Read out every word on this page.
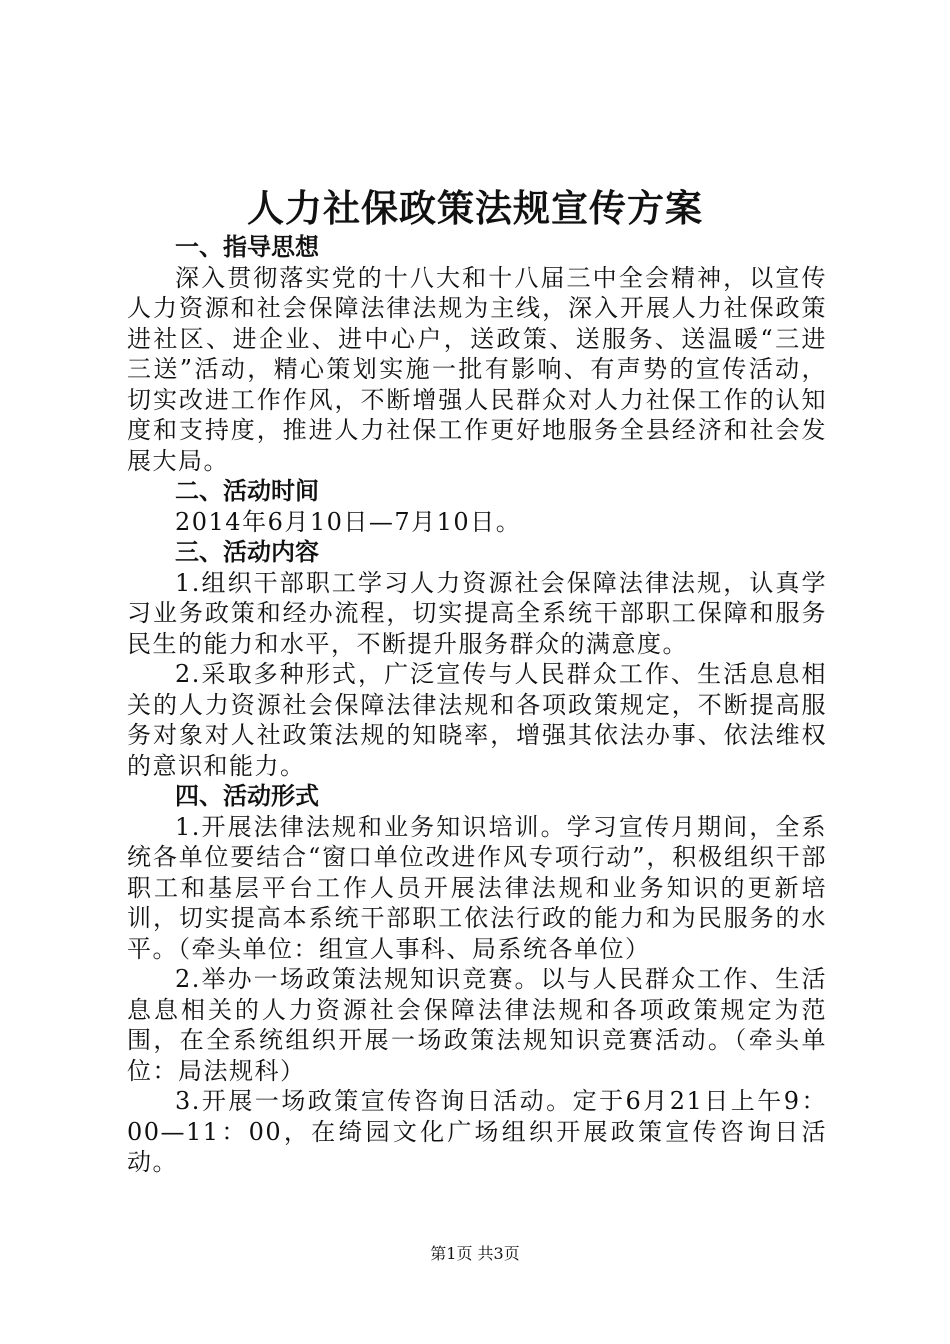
人力社保政策法规宣传方案

一、指导思想

深入贯彻落实党的十八大和十八届三中全会精神，以宣传人力资源和社会保障法律法规为主线，深入开展人力社保政策进社区、进企业、进中心户，送政策、送服务、送温暖“三进三送”活动，精心策划实施一批有影响、有声势的宣传活动，切实改进工作作风，不断增强人民群众对人力社保工作的认知度和支持度，推进人力社保工作更好地服务全县经济和社会发展大局。

二、活动时间

2014年6月10日—7月10日。

三、活动内容

1.组织干部职工学习人力资源社会保障法律法规，认真学习业务政策和经办流程，切实提高全系统干部职工保障和服务民生的能力和水平，不断提升服务群众的满意度。

2.采取多种形式，广泛宣传与人民群众工作、生活息息相关的人力资源社会保障法律法规和各项政策规定，不断提高服务对象对人社政策法规的知晓率，增强其依法办事、依法维权的意识和能力。

四、活动形式

1.开展法律法规和业务知识培训。学习宣传月期间，全系统各单位要结合“窗口单位改进作风专项行动”，积极组织干部职工和基层平台工作人员开展法律法规和业务知识的更新培训，切实提高本系统干部职工依法行政的能力和为民服务的水平。（牵头单位：组宣人事科、局系统各单位）

2.举办一场政策法规知识竞赛。以与人民群众工作、生活息息相关的人力资源社会保障法律法规和各项政策规定为范围，在全系统组织开展一场政策法规知识竞赛活动。（牵头单位：局法规科）

3.开展一场政策宣传咨询日活动。定于6月21日上午9：00—11：00，在绮园文化广场组织开展政策宣传咨询日活动。

第1页 共3页
